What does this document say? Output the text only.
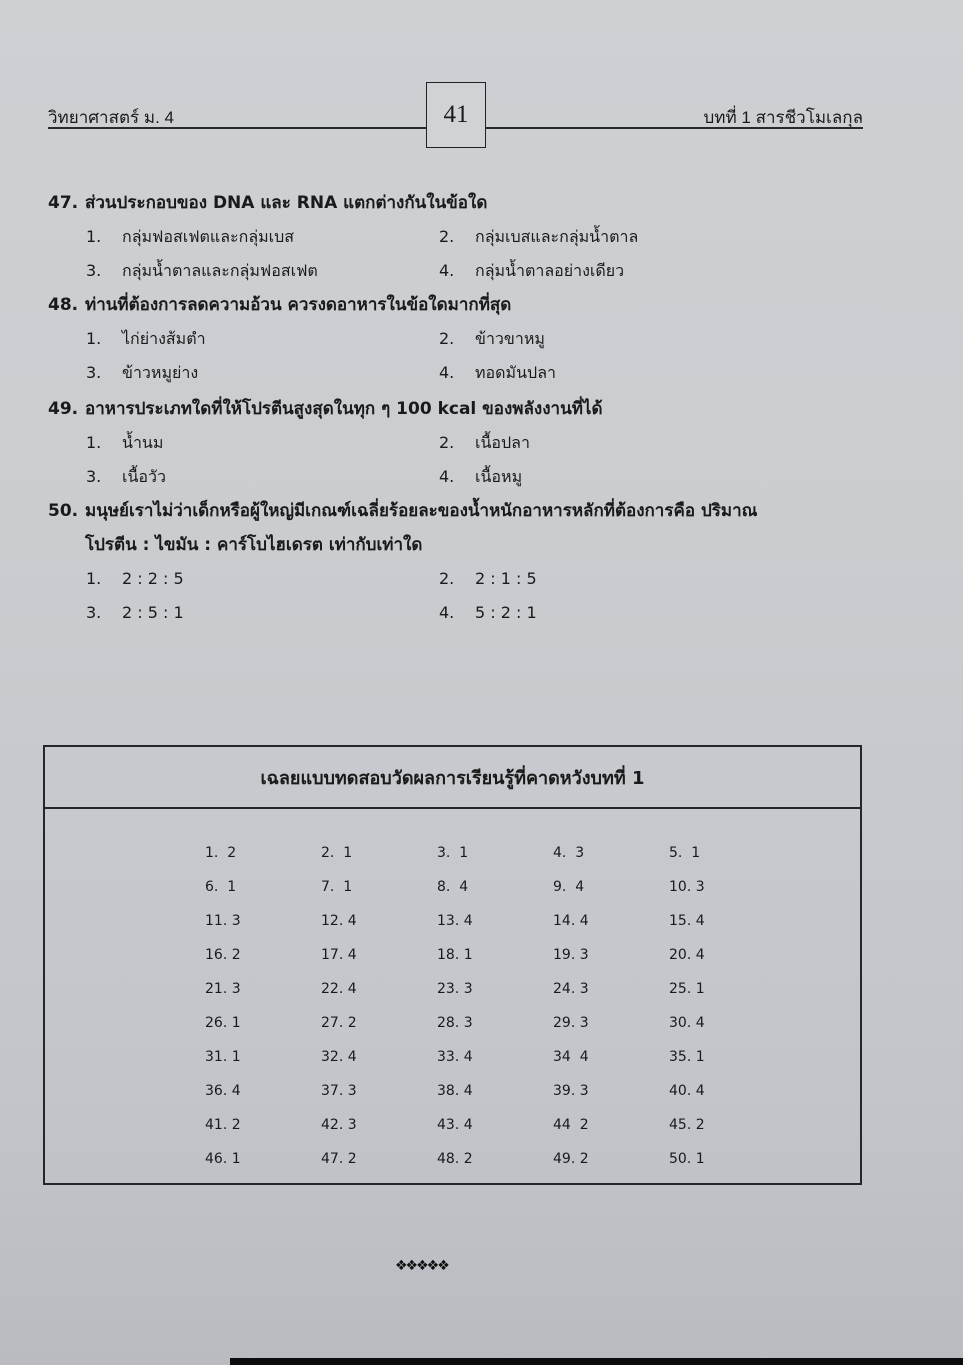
วิทยาศาสตร์ ม. 4	41	บทที่ 1 สารชีวโมเลกุล
47. ส่วนประกอบของ DNA และ RNA แตกต่างกันในข้อใด
1. กลุ่มฟอสเฟตและกลุ่มเบส	2. กลุ่มเบสและกลุ่มน้ำตาล
3. กลุ่มน้ำตาลและกลุ่มฟอสเฟต	4. กลุ่มน้ำตาลอย่างเดียว
48. ท่านที่ต้องการลดความอ้วน ควรงดอาหารในข้อใดมากที่สุด
1. ไก่ย่างส้มตำ	2. ข้าวขาหมู
3. ข้าวหมูย่าง	4. ทอดมันปลา
49. อาหารประเภทใดที่ให้โปรตีนสูงสุดในทุก ๆ 100 kcal ของพลังงานที่ได้
1. น้ำนม	2. เนื้อปลา
3. เนื้อวัว	4. เนื้อหมู
50. มนุษย์เราไม่ว่าเด็กหรือผู้ใหญ่มีเกณฑ์เฉลี่ยร้อยละของน้ำหนักอาหารหลักที่ต้องการคือ ปริมาณ
โปรตีน : ไขมัน : คาร์โบไฮเดรต เท่ากับเท่าใด
1. 2 : 2 : 5	2. 2 : 1 : 5
3. 2 : 5 : 1	4. 5 : 2 : 1
เฉลยแบบทดสอบวัดผลการเรียนรู้ที่คาดหวังบทที่ 1
1.  2	2.  1	3.  1	4.  3	5.  1
6.  1	7.  1	8.  4	9.  4	10. 3
11. 3	12. 4	13. 4	14. 4	15. 4
16. 2	17. 4	18. 1	19. 3	20. 4
21. 3	22. 4	23. 3	24. 3	25. 1
26. 1	27. 2	28. 3	29. 3	30. 4
31. 1	32. 4	33. 4	34  4	35. 1
36. 4	37. 3	38. 4	39. 3	40. 4
41. 2	42. 3	43. 4	44  2	45. 2
46. 1	47. 2	48. 2	49. 2	50. 1
❖❖❖❖❖
